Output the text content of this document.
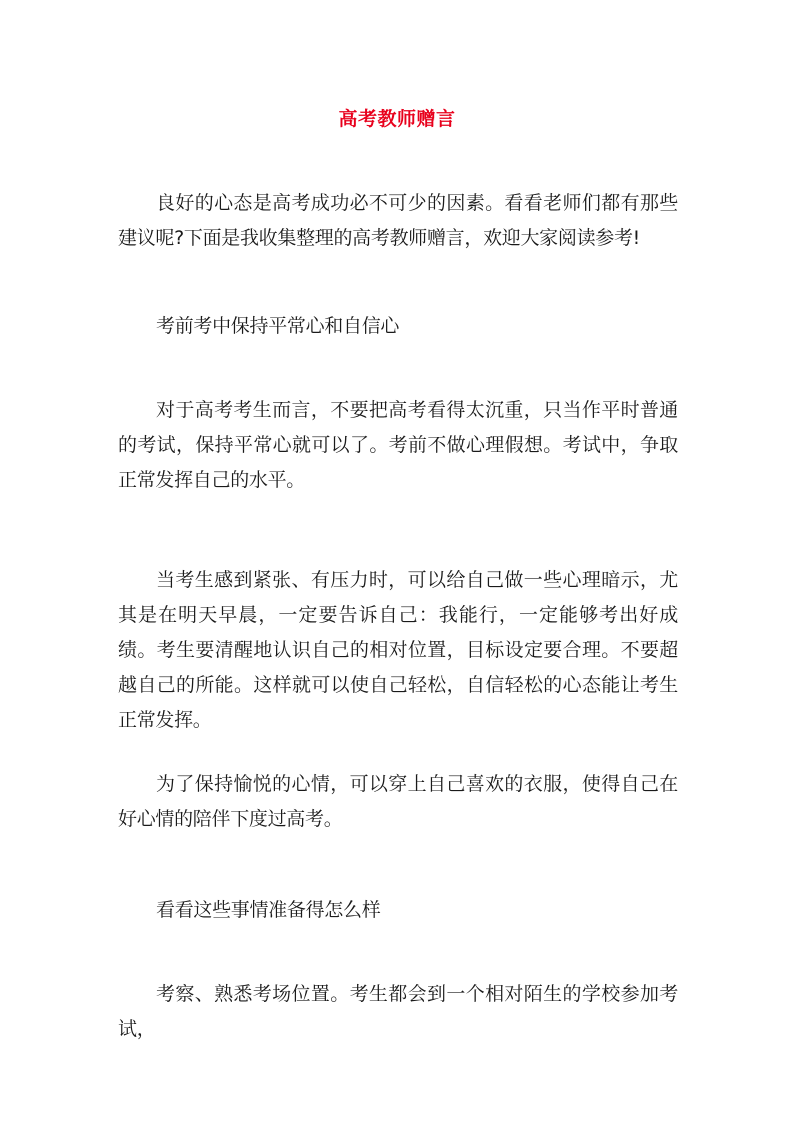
高考教师赠言

良好的心态是高考成功必不可少的因素。看看老师们都有那些建议呢?下面是我收集整理的高考教师赠言，欢迎大家阅读参考!

考前考中保持平常心和自信心

对于高考考生而言，不要把高考看得太沉重，只当作平时普通的考试，保持平常心就可以了。考前不做心理假想。考试中，争取正常发挥自己的水平。

当考生感到紧张、有压力时，可以给自己做一些心理暗示，尤其是在明天早晨，一定要告诉自己：我能行，一定能够考出好成绩。考生要清醒地认识自己的相对位置，目标设定要合理。不要超越自己的所能。这样就可以使自己轻松，自信轻松的心态能让考生正常发挥。

为了保持愉悦的心情，可以穿上自己喜欢的衣服，使得自己在好心情的陪伴下度过高考。

看看这些事情准备得怎么样

考察、熟悉考场位置。考生都会到一个相对陌生的学校参加考试，
